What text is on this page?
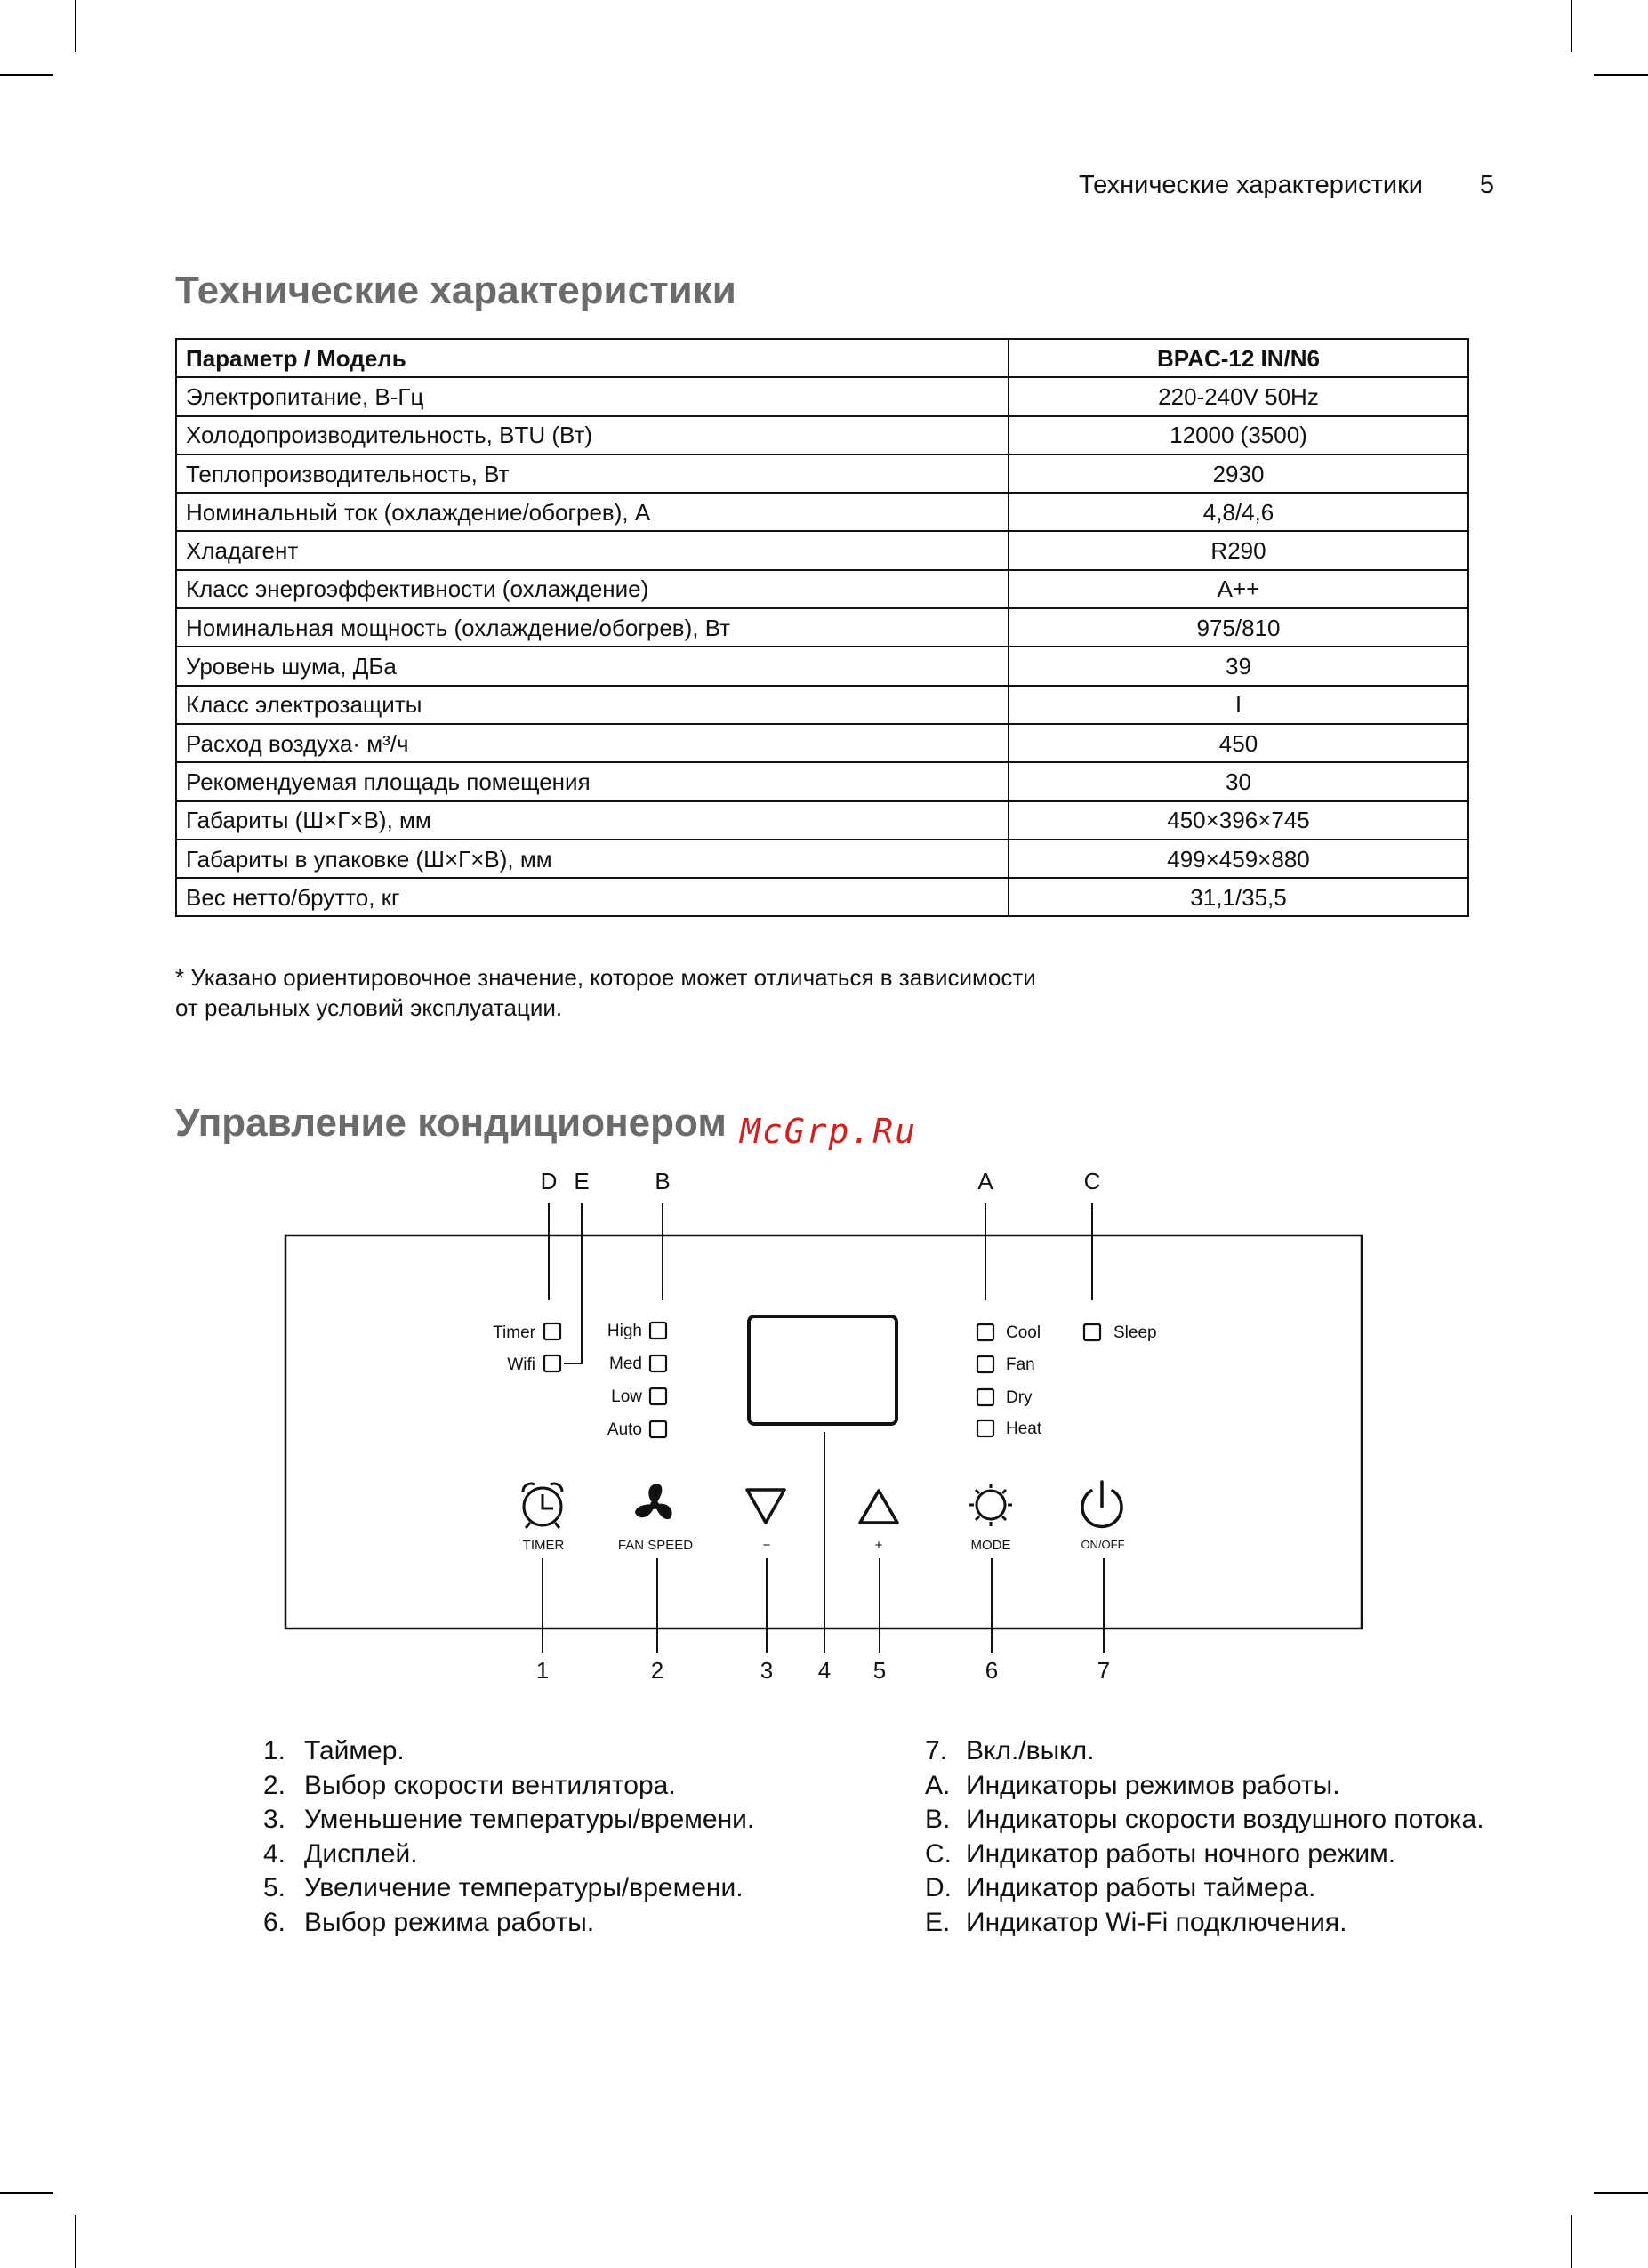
Технические характеристики 5
Технические характеристики
Параметр / Модель	BPAC-12 IN/N6
Электропитание, В-Гц	220-240V 50Hz
Холодопроизводительность, BTU (Вт)	12000 (3500)
Теплопроизводительность, Вт	2930
Номинальный ток (охлаждение/обогрев), А	4,8/4,6
Хладагент	R290
Класс энергоэффективности (охлаждение)	A++
Номинальная мощность (охлаждение/обогрев), Вт	975/810
Уровень шума, ДБа	39
Класс электрозащиты	I
Расход воздуха· м³/ч	450
Рекомендуемая площадь помещения	30
Габариты (Ш×Г×В), мм	450×396×745
Габариты в упаковке (Ш×Г×В), мм	499×459×880
Вес нетто/брутто, кг	31,1/35,5
* Указано ориентировочное значение, которое может отличаться в зависимости
от реальных условий эксплуатации.
Управление кондиционером McGrp.Ru
D E	B	A	C
Timer
Wifi
High
Med
Low
Auto
Cool
Fan
Dry
Heat
Sleep
TIMER	FAN SPEED	−	+	MODE	ON/OFF
1	2	3 4 5	6	7
1. Таймер.
2. Выбор скорости вентилятора.
3. Уменьшение температуры/времени.
4. Дисплей.
5. Увеличение температуры/времени.
6. Выбор режима работы.
7. Вкл./выкл.
A. Индикаторы режимов работы.
B. Индикаторы скорости воздушного потока.
C. Индикатор работы ночного режим.
D. Индикатор работы таймера.
E. Индикатор Wi-Fi подключения.
